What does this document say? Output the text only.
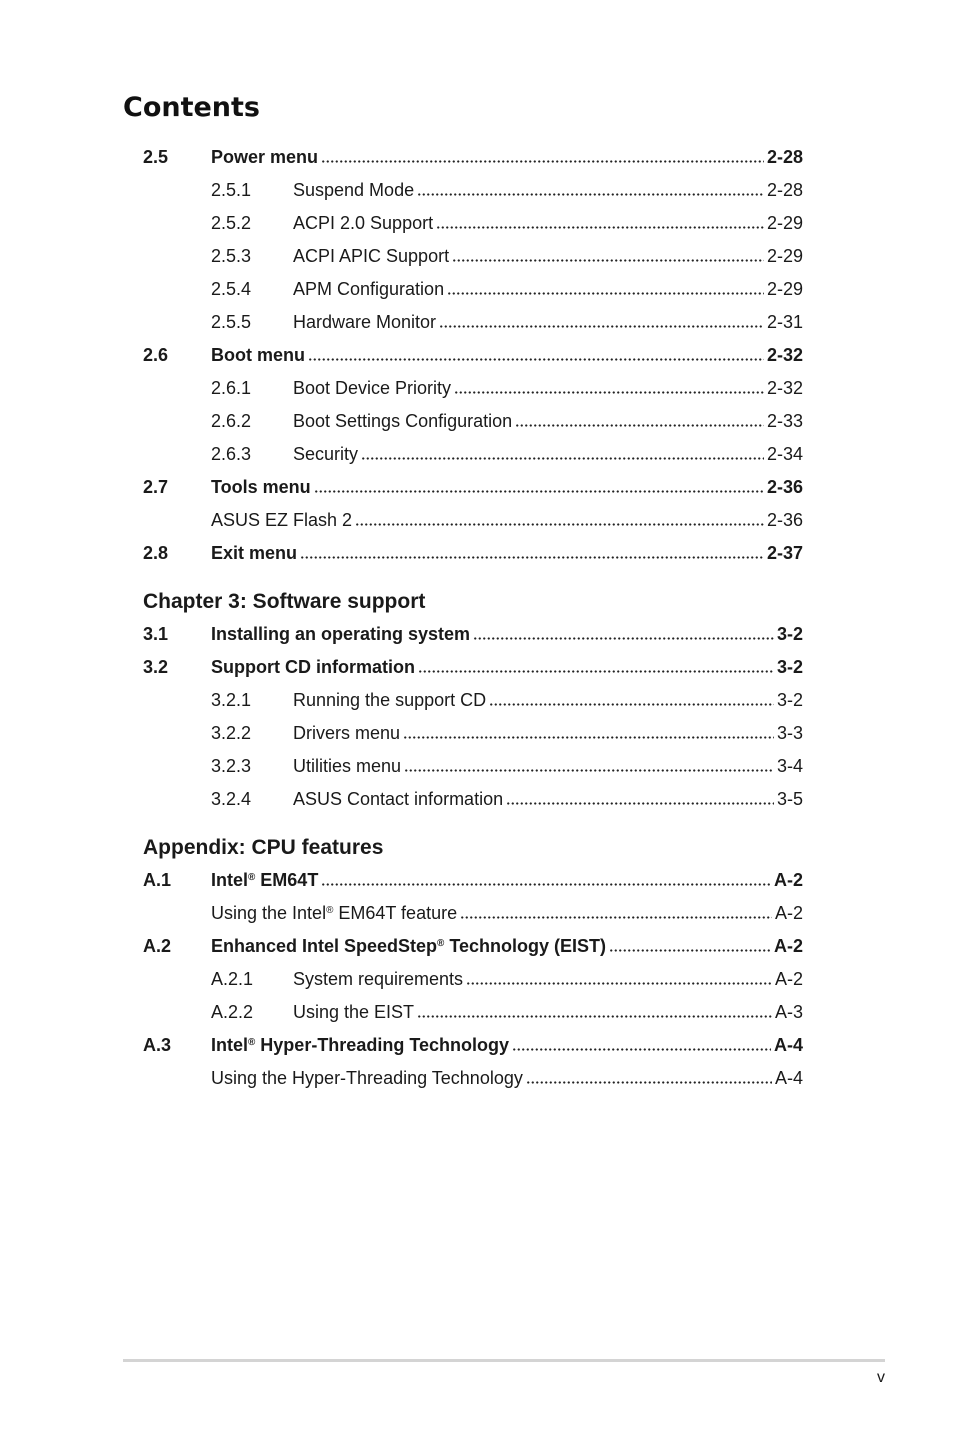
Contents
2.5 Power menu	2-28
2.5.1 Suspend Mode	2-28
2.5.2 ACPI 2.0 Support	2-29
2.5.3 ACPI APIC Support	2-29
2.5.4 APM Configuration	2-29
2.5.5 Hardware Monitor	2-31
2.6 Boot menu	2-32
2.6.1 Boot Device Priority	2-32
2.6.2 Boot Settings Configuration	2-33
2.6.3 Security	2-34
2.7 Tools menu	2-36
ASUS EZ Flash 2	2-36
2.8 Exit menu	2-37
Chapter 3: Software support
3.1 Installing an operating system	3-2
3.2 Support CD information	3-2
3.2.1 Running the support CD	3-2
3.2.2 Drivers menu	3-3
3.2.3 Utilities menu	3-4
3.2.4 ASUS Contact information	3-5
Appendix: CPU features
A.1 Intel® EM64T	A-2
Using the Intel® EM64T feature	A-2
A.2 Enhanced Intel SpeedStep® Technology (EIST)	A-2
A.2.1 System requirements	A-2
A.2.2 Using the EIST	A-3
A.3 Intel® Hyper-Threading Technology	A-4
Using the Hyper-Threading Technology	A-4
v
